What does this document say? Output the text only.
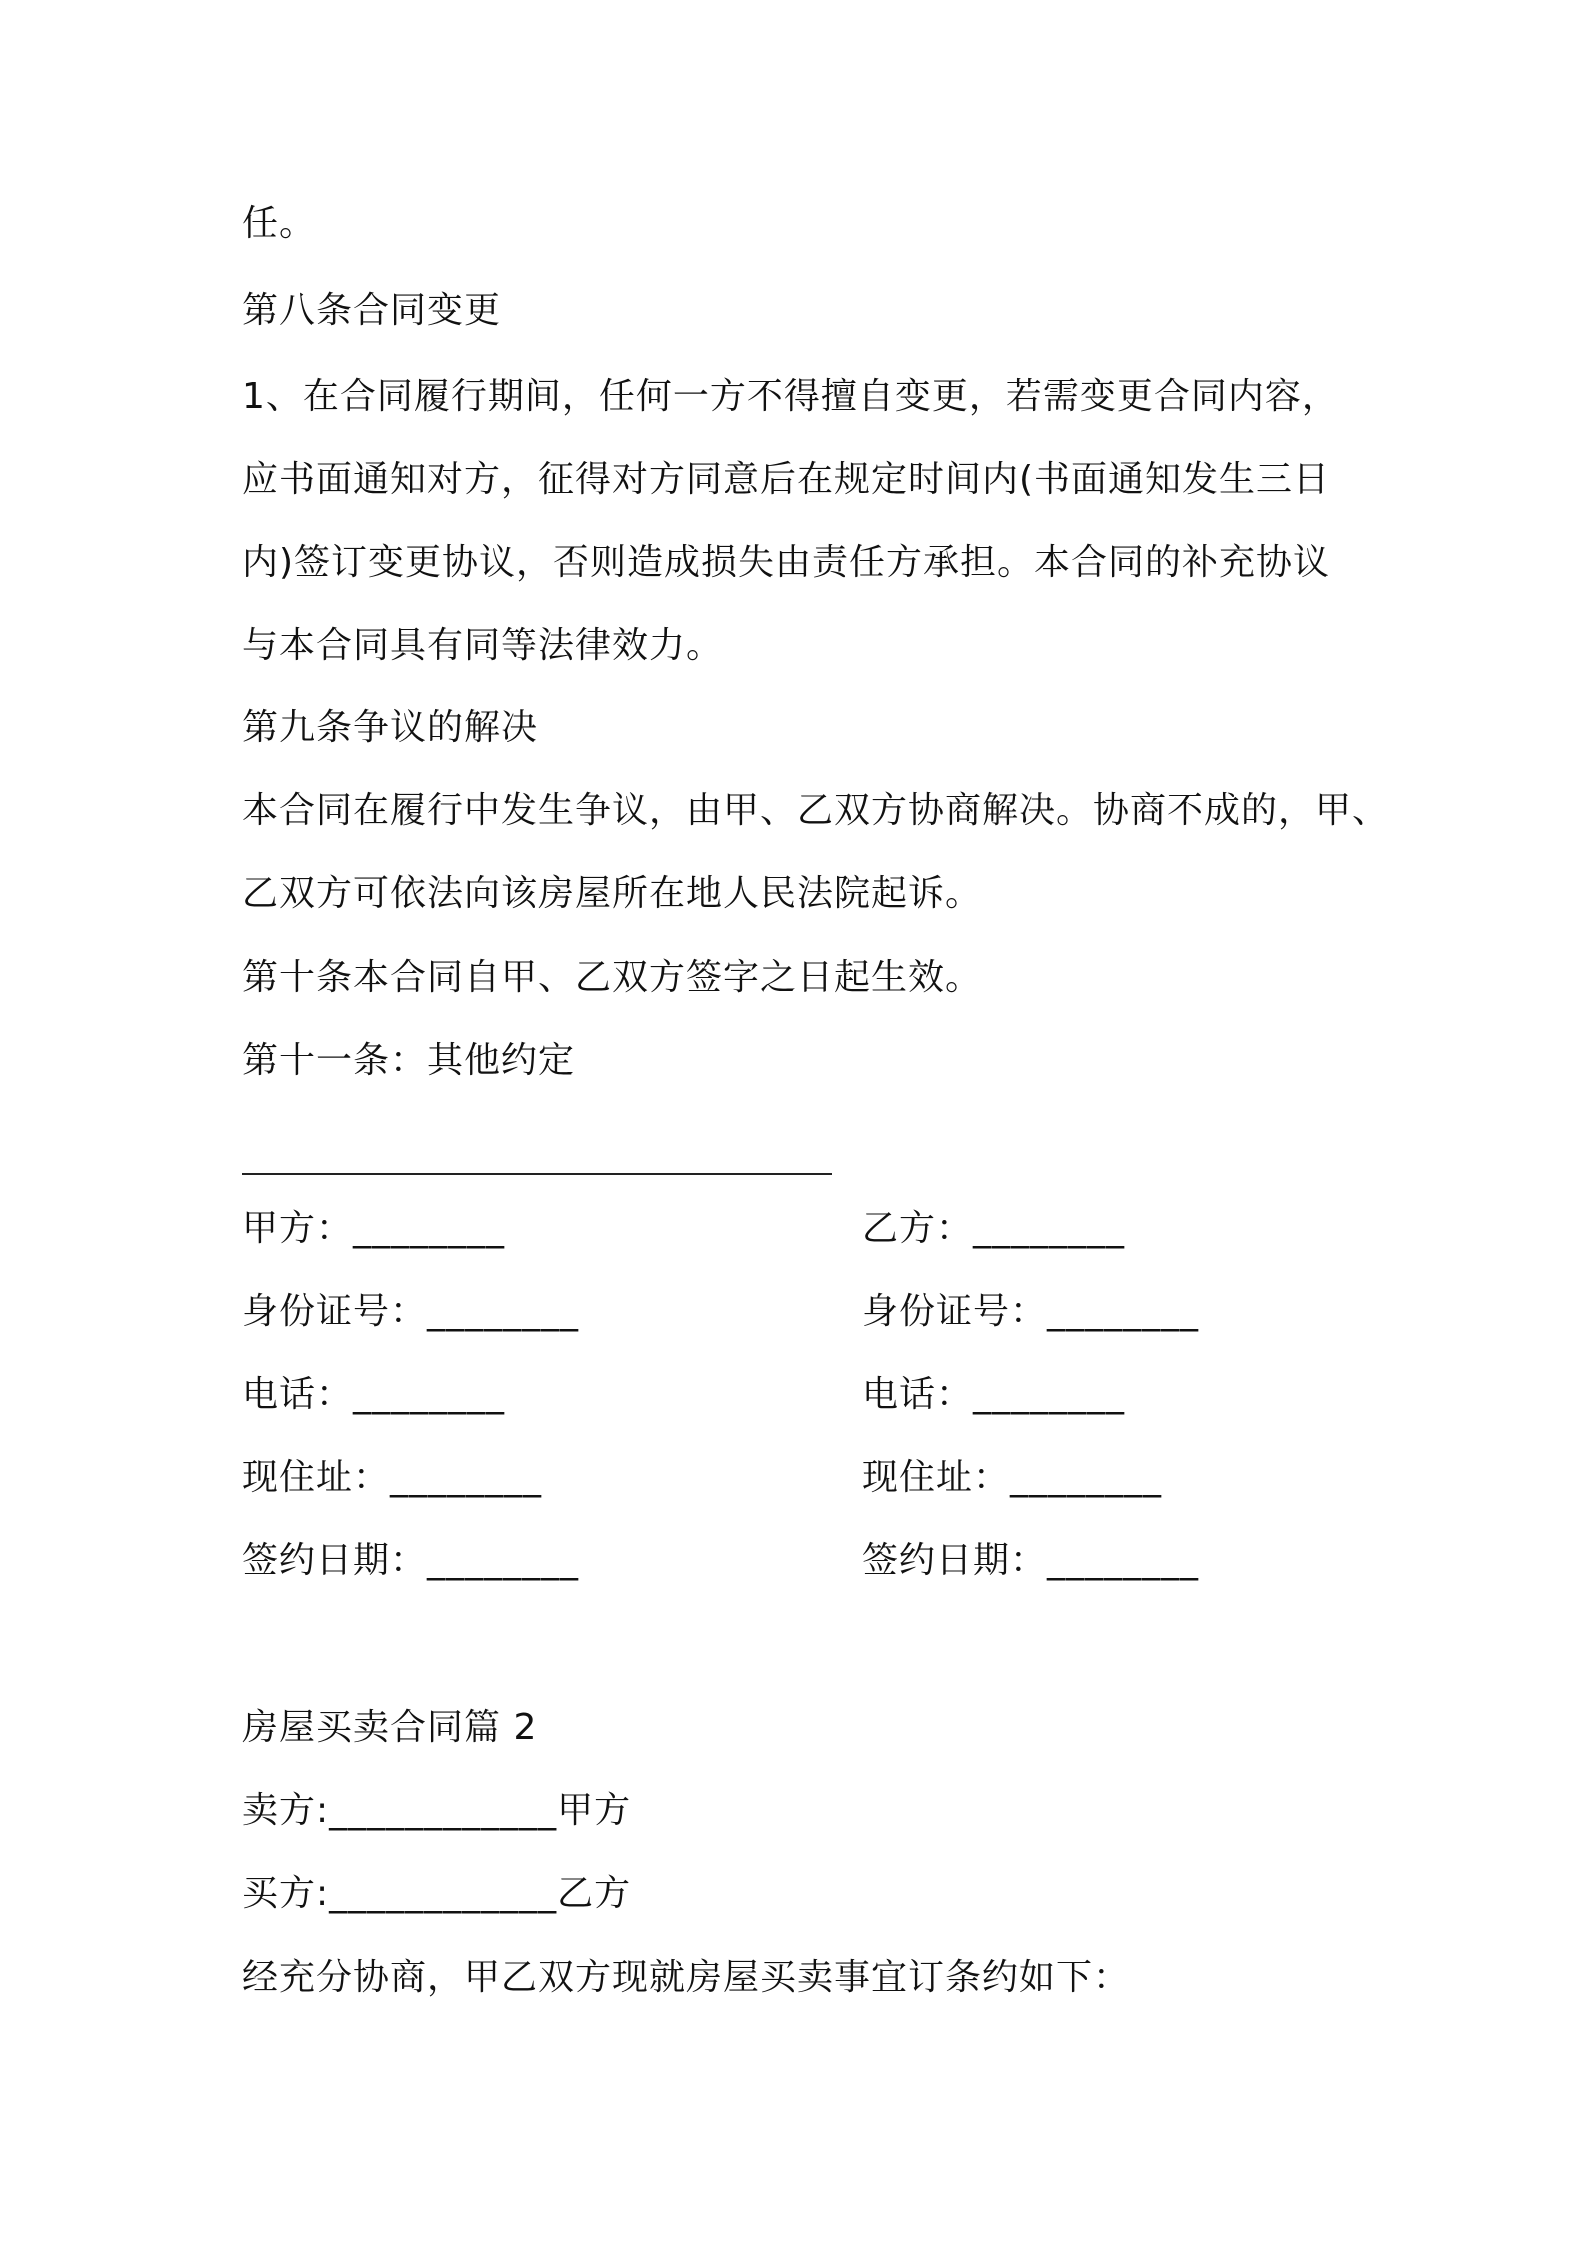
任。
第八条合同变更
1、在合同履行期间，任何一方不得擅自变更，若需变更合同内容，
应书面通知对方，征得对方同意后在规定时间内(书面通知发生三日
内)签订变更协议，否则造成损失由责任方承担。本合同的补充协议
与本合同具有同等法律效力。
第九条争议的解决
本合同在履行中发生争议，由甲、乙双方协商解决。协商不成的，甲、
乙双方可依法向该房屋所在地人民法院起诉。
第十条本合同自甲、乙双方签字之日起生效。
第十一条：其他约定
甲方：________	乙方：________
身份证号：________	身份证号：________
电话：________	电话：________
现住址：________	现住址：________
签约日期：________	签约日期：________
房屋买卖合同篇 2
卖方:____________甲方
买方:____________乙方
经充分协商，甲乙双方现就房屋买卖事宜订条约如下：
